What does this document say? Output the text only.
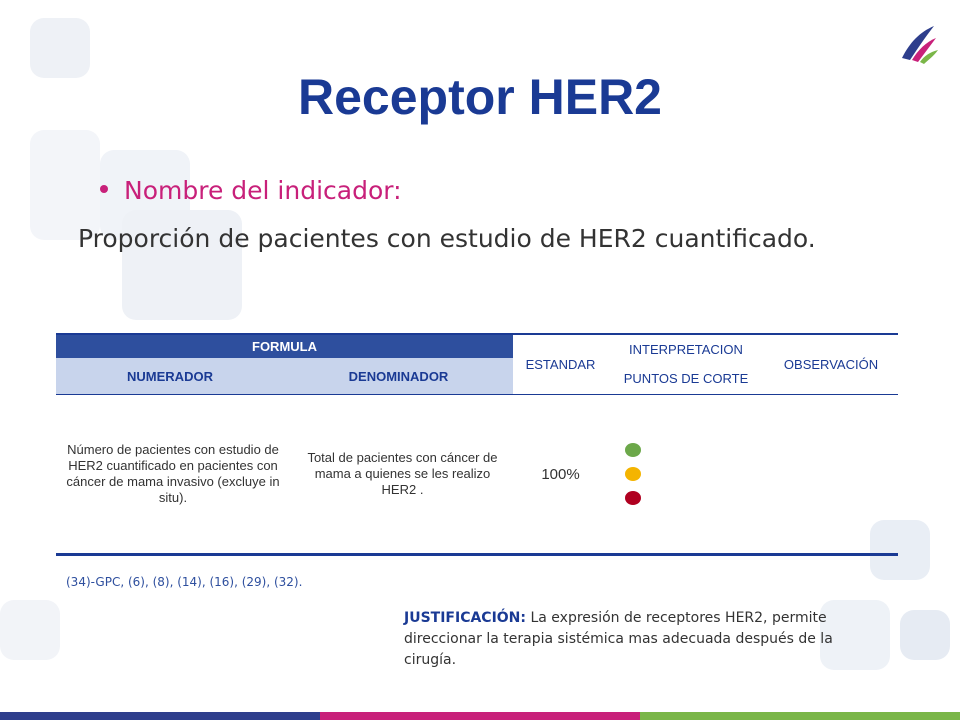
Receptor HER2
Nombre del indicador:
Proporción de pacientes con estudio de HER2 cuantificado.
FORMULA
NUMERADOR	DENOMINADOR
ESTANDAR
INTERPRETACION
PUNTOS DE CORTE
OBSERVACIÓN
Número de pacientes con estudio de HER2 cuantificado en pacientes con cáncer de mama invasivo (excluye in situ).
Total de pacientes con cáncer de mama a quienes se les realizo HER2 .
100%
(34)-GPC, (6), (8), (14), (16), (29), (32).
JUSTIFICACIÓN: La expresión de receptores HER2, permite direccionar la terapia sistémica mas adecuada después de la cirugía.
